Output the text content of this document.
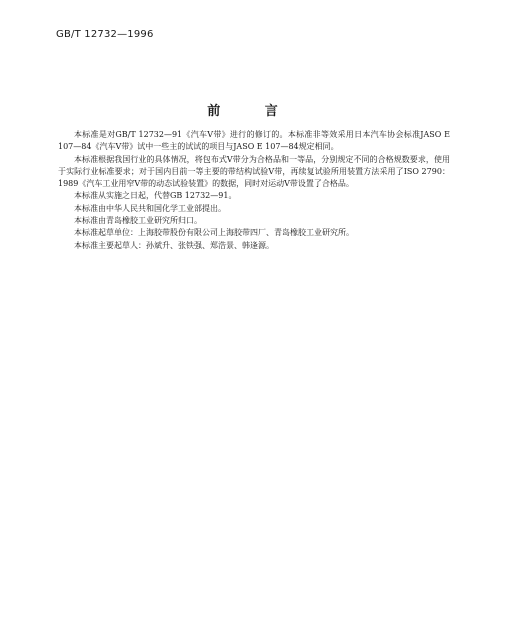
GB/T 12732—1996
前 言

本标准是对GB/T 12732—91《汽车V带》进行的修订的。本标准非等效采用日本汽车协会标准JASO E 107—84《汽车V带》试中一些主的试试的项目与JASO E 107—84规定相同。

本标准根据我国行业的具体情况，将包布式V带分为合格品和一等品，分别规定不同的合格规数要求，使用于实际行业标准要求；对于国内目前一等主要的带结构试验V带，再续复试验所用装置方法采用了ISO 2790：1989《汽车工业用窄V带的动态试验装置》的数据，同时对运动V带设置了合格品。

本标准从实施之日起，代替GB 12732—91。

本标准由中华人民共和国化学工业部提出。

本标准由青岛橡胶工业研究所归口。

本标准起草单位：上海胶带股份有限公司上海胶带四厂、青岛橡胶工业研究所。

本标准主要起草人：孙斌升、张铁强、郑浩景、韩逢源。
